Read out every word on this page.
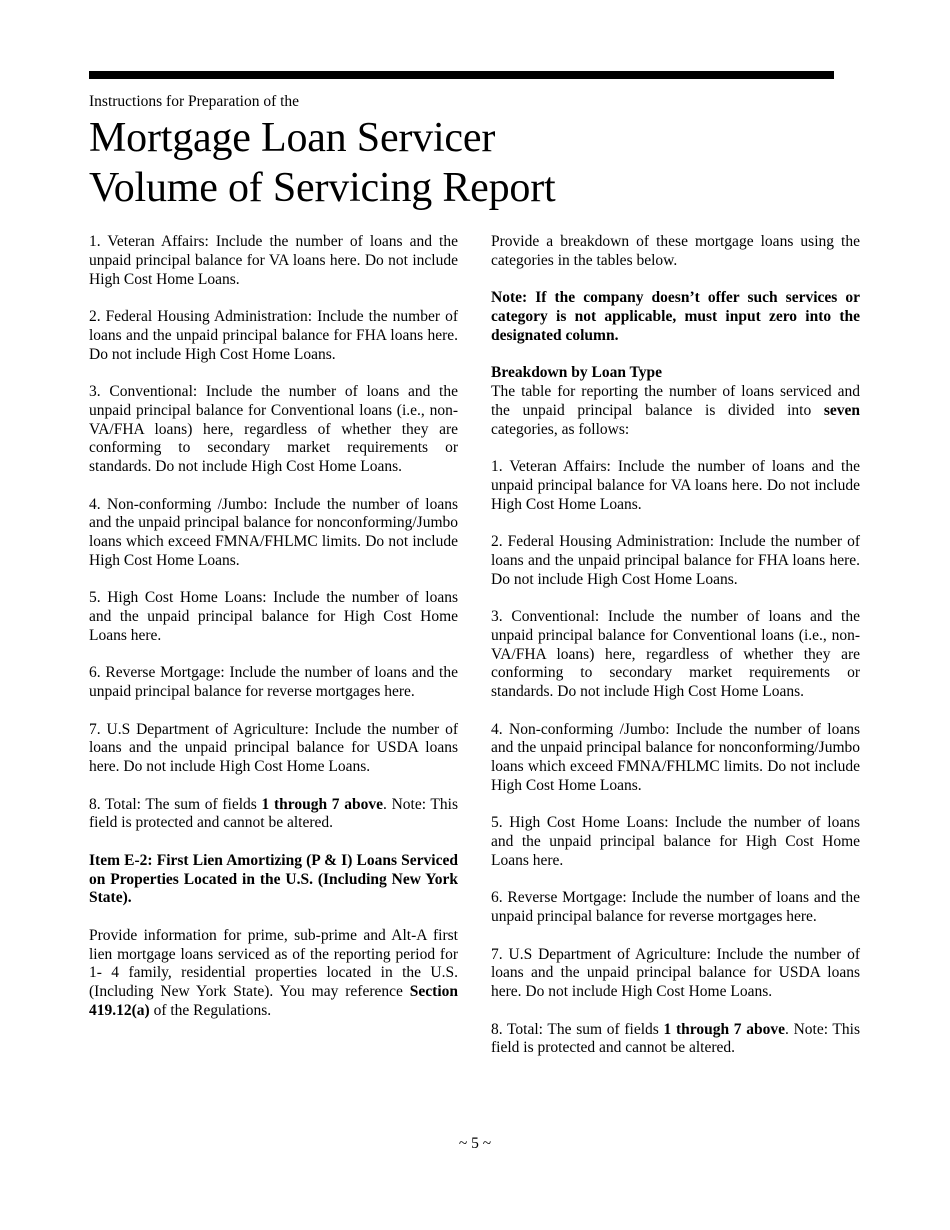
Instructions for Preparation of the
Mortgage Loan Servicer
Volume of Servicing Report

1. Veteran Affairs: Include the number of loans and the unpaid principal balance for VA loans here. Do not include High Cost Home Loans.

2. Federal Housing Administration: Include the number of loans and the unpaid principal balance for FHA loans here. Do not include High Cost Home Loans.

3. Conventional: Include the number of loans and the unpaid principal balance for Conventional loans (i.e., non-VA/FHA loans) here, regardless of whether they are conforming to secondary market requirements or standards. Do not include High Cost Home Loans.

4. Non-conforming /Jumbo: Include the number of loans and the unpaid principal balance for nonconforming/Jumbo loans which exceed FMNA/FHLMC limits. Do not include High Cost Home Loans.

5. High Cost Home Loans: Include the number of loans and the unpaid principal balance for High Cost Home Loans here.

6. Reverse Mortgage: Include the number of loans and the unpaid principal balance for reverse mortgages here.

7. U.S Department of Agriculture: Include the number of loans and the unpaid principal balance for USDA loans here. Do not include High Cost Home Loans.

8. Total: The sum of fields 1 through 7 above. Note: This field is protected and cannot be altered.

Item E-2: First Lien Amortizing (P & I) Loans Serviced on Properties Located in the U.S. (Including New York State).

Provide information for prime, sub-prime and Alt-A first lien mortgage loans serviced as of the reporting period for 1- 4 family, residential properties located in the U.S. (Including New York State). You may reference Section 419.12(a) of the Regulations.

Provide a breakdown of these mortgage loans using the categories in the tables below.

Note: If the company doesn’t offer such services or category is not applicable, must input zero into the designated column.

Breakdown by Loan Type

The table for reporting the number of loans serviced and the unpaid principal balance is divided into seven categories, as follows:

1. Veteran Affairs: Include the number of loans and the unpaid principal balance for VA loans here. Do not include High Cost Home Loans.

2. Federal Housing Administration: Include the number of loans and the unpaid principal balance for FHA loans here. Do not include High Cost Home Loans.

3. Conventional: Include the number of loans and the unpaid principal balance for Conventional loans (i.e., non-VA/FHA loans) here, regardless of whether they are conforming to secondary market requirements or standards. Do not include High Cost Home Loans.

4. Non-conforming /Jumbo: Include the number of loans and the unpaid principal balance for nonconforming/Jumbo loans which exceed FMNA/FHLMC limits. Do not include High Cost Home Loans.

5. High Cost Home Loans: Include the number of loans and the unpaid principal balance for High Cost Home Loans here.

6. Reverse Mortgage: Include the number of loans and the unpaid principal balance for reverse mortgages here.

7. U.S Department of Agriculture: Include the number of loans and the unpaid principal balance for USDA loans here. Do not include High Cost Home Loans.

8. Total: The sum of fields 1 through 7 above. Note: This field is protected and cannot be altered.

~ 5 ~
